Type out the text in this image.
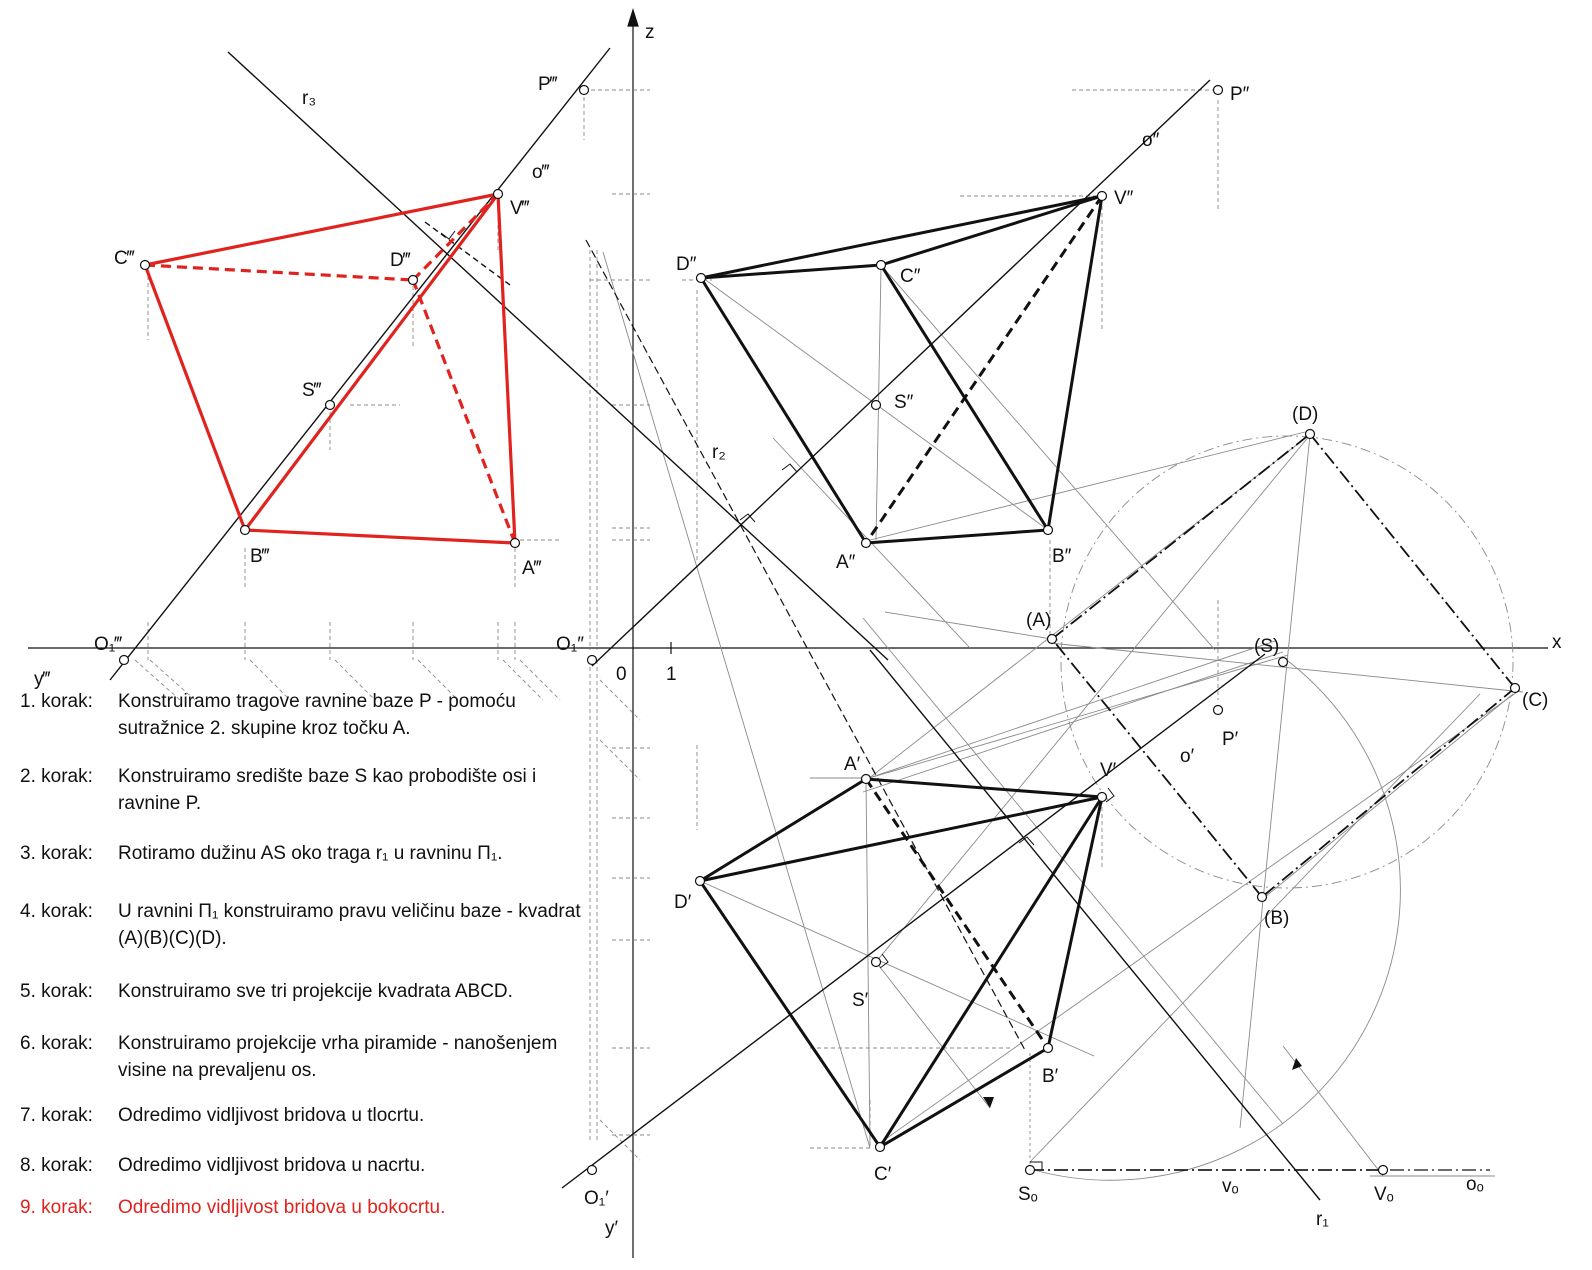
z
x
0 1
y‴
y′
O₁‴	O₁″
O₁′
r₃
r₂
r₁
o‴
o″
o′
oₒ
P‴	P″
P′
V‴
C‴	D‴
S‴
B‴
A‴
V″
D″
C″
S″
A″	B″
A′	V′
D′
S′
B′
C′
(D)
(A)
(S)
(C)
(B)
Sₒ	vₒ	Vₒ
1. korak:	Konstruiramo tragove ravnine baze P - pomoću sutražnice 2. skupine kroz točku A.
2. korak:	Konstruiramo središte baze S kao probodište osi i ravnine P.
3. korak:	Rotiramo dužinu AS oko traga r₁ u ravninu Π₁.
4. korak:	U ravnini Π₁ konstruiramo pravu veličinu baze - kvadrat (A)(B)(C)(D).
5. korak:	Konstruiramo sve tri projekcije kvadrata ABCD.
6. korak:	Konstruiramo projekcije vrha piramide - nanošenjem visine na prevaljenu os.
7. korak:	Odredimo vidljivost bridova u tlocrtu.
8. korak:	Odredimo vidljivost bridova u nacrtu.
9. korak:	Odredimo vidljivost bridova u bokocrtu.
